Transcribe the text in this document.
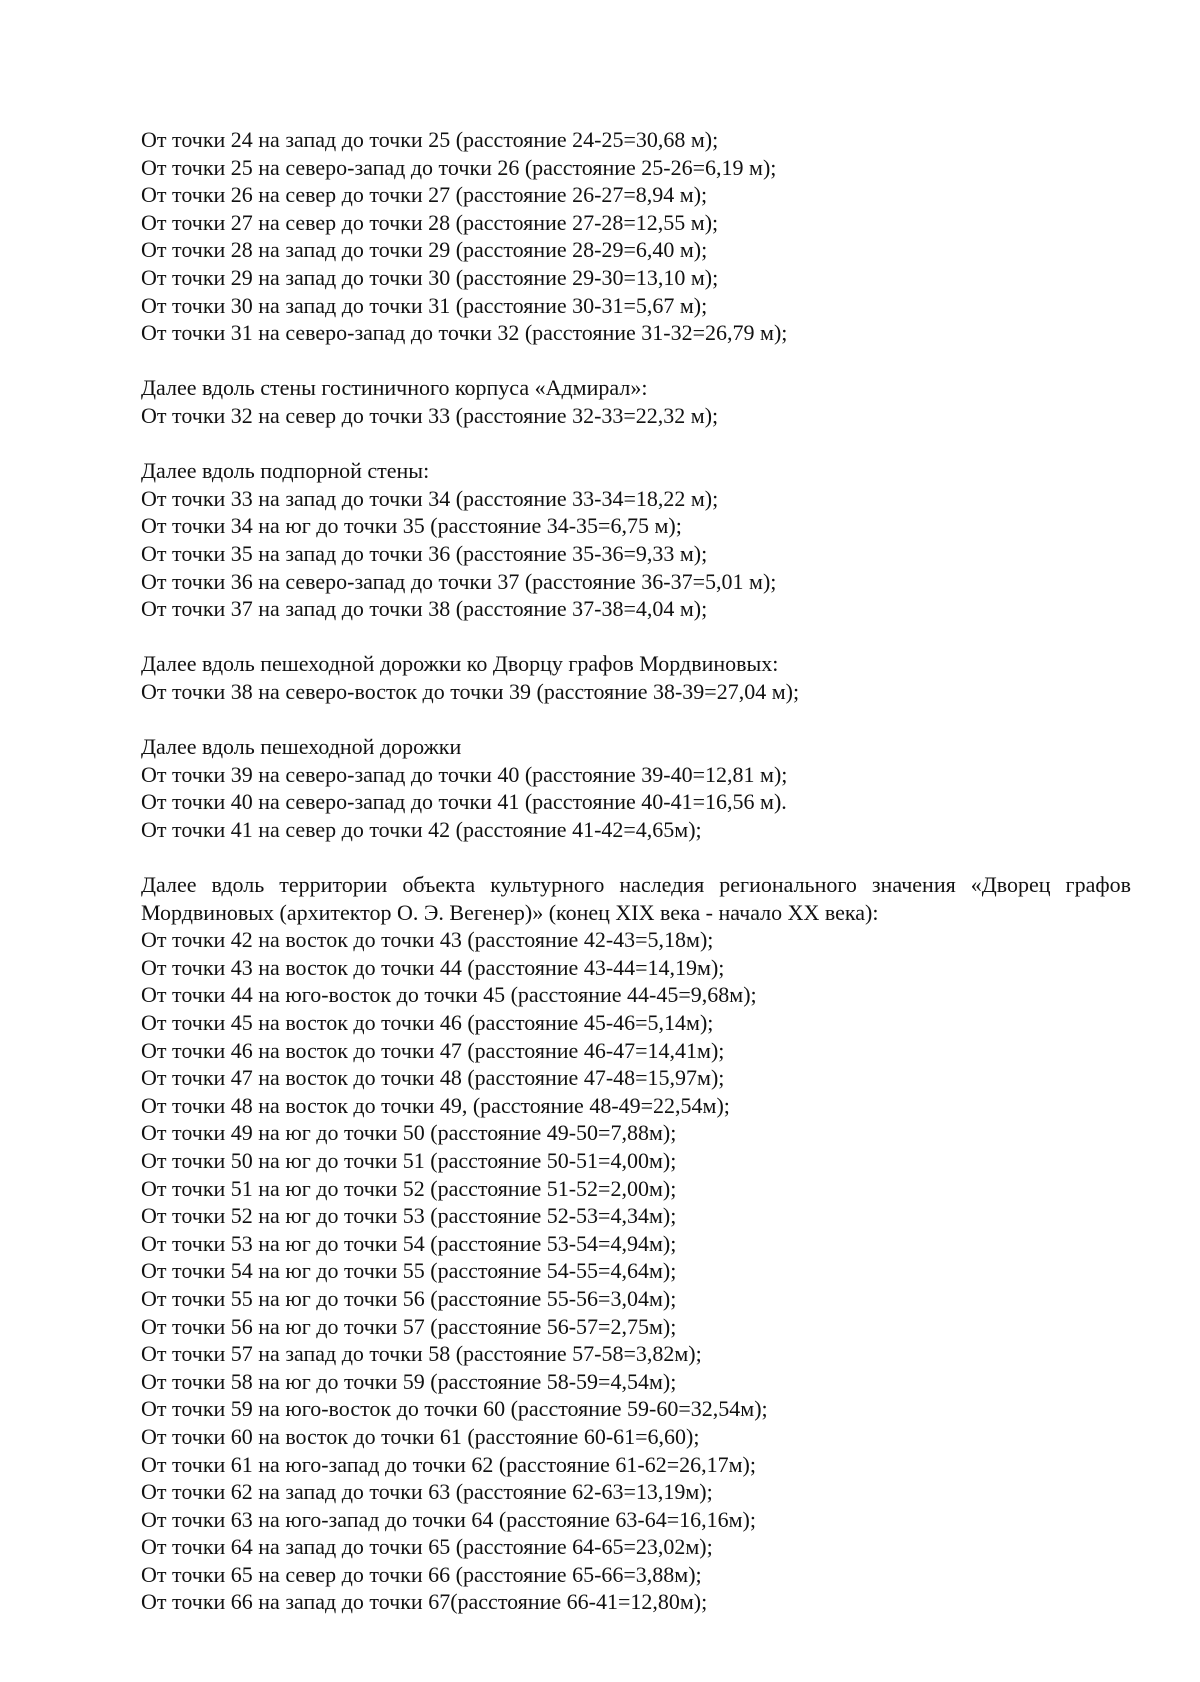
От точки 24 на запад до точки 25 (расстояние 24-25=30,68 м);
От точки 25 на северо-запад до точки 26 (расстояние 25-26=6,19 м);
От точки 26 на север до точки 27 (расстояние 26-27=8,94 м);
От точки 27 на север до точки 28 (расстояние 27-28=12,55 м);
От точки 28 на запад до точки 29 (расстояние 28-29=6,40 м);
От точки 29 на запад до точки 30 (расстояние 29-30=13,10 м);
От точки 30 на запад до точки 31 (расстояние 30-31=5,67 м);
От точки 31 на северо-запад до точки 32 (расстояние 31-32=26,79 м);
Далее вдоль стены гостиничного корпуса «Адмирал»:
От точки 32 на север до точки 33 (расстояние 32-33=22,32 м);
Далее вдоль подпорной стены:
От точки 33 на запад до точки 34 (расстояние 33-34=18,22 м);
От точки 34 на юг до точки 35 (расстояние 34-35=6,75 м);
От точки 35 на запад до точки 36 (расстояние 35-36=9,33 м);
От точки 36 на северо-запад до точки 37 (расстояние 36-37=5,01 м);
От точки 37 на запад до точки 38 (расстояние 37-38=4,04 м);
Далее вдоль пешеходной дорожки ко Дворцу графов Мордвиновых:
От точки 38 на северо-восток до точки 39 (расстояние 38-39=27,04 м);
Далее вдоль пешеходной дорожки
От точки 39 на северо-запад до точки 40 (расстояние 39-40=12,81 м);
От точки 40 на северо-запад до точки 41 (расстояние 40-41=16,56 м).
От точки 41 на север до точки 42 (расстояние 41-42=4,65м);
Далее вдоль территории объекта культурного наследия регионального значения «Дворец графов Мордвиновых (архитектор О. Э. Вегенер)» (конец XIX века - начало XX века):
От точки 42 на восток до точки 43 (расстояние 42-43=5,18м);
От точки 43 на восток до точки 44 (расстояние 43-44=14,19м);
От точки 44 на юго-восток до точки 45 (расстояние 44-45=9,68м);
От точки 45 на восток до точки 46 (расстояние 45-46=5,14м);
От точки 46 на восток до точки 47 (расстояние 46-47=14,41м);
От точки 47 на восток до точки 48 (расстояние 47-48=15,97м);
От точки 48 на восток до точки 49, (расстояние 48-49=22,54м);
От точки 49 на юг до точки 50 (расстояние 49-50=7,88м);
От точки 50 на юг до точки 51 (расстояние 50-51=4,00м);
От точки 51 на юг до точки 52 (расстояние 51-52=2,00м);
От точки 52 на юг до точки 53 (расстояние 52-53=4,34м);
От точки 53 на юг до точки 54 (расстояние 53-54=4,94м);
От точки 54 на юг до точки 55 (расстояние 54-55=4,64м);
От точки 55 на юг до точки 56 (расстояние 55-56=3,04м);
От точки 56 на юг до точки 57 (расстояние 56-57=2,75м);
От точки 57 на запад до точки 58 (расстояние 57-58=3,82м);
От точки 58 на юг до точки 59 (расстояние 58-59=4,54м);
От точки 59 на юго-восток до точки 60 (расстояние 59-60=32,54м);
От точки 60 на восток до точки 61 (расстояние 60-61=6,60);
От точки 61 на юго-запад до точки 62 (расстояние 61-62=26,17м);
От точки 62 на запад до точки 63 (расстояние 62-63=13,19м);
От точки 63 на юго-запад до точки 64 (расстояние 63-64=16,16м);
От точки 64 на запад до точки 65 (расстояние 64-65=23,02м);
От точки 65 на север до точки 66 (расстояние 65-66=3,88м);
От точки 66 на запад до точки 67(расстояние 66-41=12,80м);
